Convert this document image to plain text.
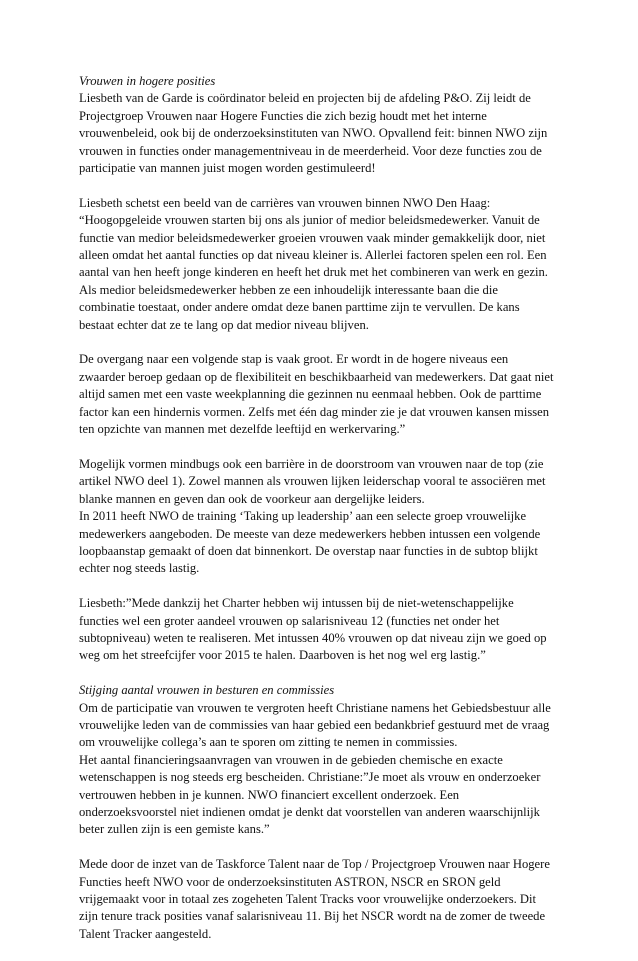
Vrouwen in hogere posities

Liesbeth van de Garde is coördinator beleid en projecten bij de afdeling P&O. Zij leidt de
Projectgroep Vrouwen naar Hogere Functies die zich bezig houdt met het interne
vrouwenbeleid, ook bij de onderzoeksinstituten van NWO. Opvallend feit: binnen NWO zijn
vrouwen in functies onder managementniveau in de meerderheid. Voor deze functies zou de
participatie van mannen juist mogen worden gestimuleerd!
Liesbeth schetst een beeld van de carrières van vrouwen binnen NWO Den Haag:
“Hoogopgeleide vrouwen starten bij ons als junior of medior beleidsmedewerker. Vanuit de
functie van medior beleidsmedewerker groeien vrouwen vaak minder gemakkelijk door, niet
alleen omdat het aantal functies op dat niveau kleiner is. Allerlei factoren spelen een rol. Een
aantal van hen heeft jonge kinderen en heeft het druk met het combineren van werk en gezin.
Als medior beleidsmedewerker hebben ze een inhoudelijk interessante baan die die
combinatie toestaat, onder andere omdat deze banen parttime zijn te vervullen. De kans
bestaat echter dat ze te lang op dat medior niveau blijven.
De overgang naar een volgende stap is vaak groot. Er wordt in de hogere niveaus een
zwaarder beroep gedaan op de flexibiliteit en beschikbaarheid van medewerkers. Dat gaat niet
altijd samen met een vaste weekplanning die gezinnen nu eenmaal hebben. Ook de parttime
factor kan een hindernis vormen. Zelfs met één dag minder zie je dat vrouwen kansen missen
ten opzichte van mannen met dezelfde leeftijd en werkervaring.”
Mogelijk vormen mindbugs ook een barrière in de doorstroom van vrouwen naar de top (zie
artikel NWO deel 1). Zowel mannen als vrouwen lijken leiderschap vooral te associëren met
blanke mannen en geven dan ook de voorkeur aan dergelijke leiders.
In 2011 heeft NWO de training ‘Taking up leadership’ aan een selecte groep vrouwelijke
medewerkers aangeboden. De meeste van deze medewerkers hebben intussen een volgende
loopbaanstap gemaakt of doen dat binnenkort. De overstap naar functies in de subtop blijkt
echter nog steeds lastig.
Liesbeth:”Mede dankzij het Charter hebben wij intussen bij de niet-wetenschappelijke
functies wel een groter aandeel vrouwen op salarisniveau 12 (functies net onder het
subtopniveau) weten te realiseren. Met intussen 40% vrouwen op dat niveau zijn we goed op
weg om het streefcijfer voor 2015 te halen. Daarboven is het nog wel erg lastig.”

Stijging aantal vrouwen in besturen en commissies

Om de participatie van vrouwen te vergroten heeft Christiane namens het Gebiedsbestuur alle
vrouwelijke leden van de commissies van haar gebied een bedankbrief gestuurd met de vraag
om vrouwelijke collega’s aan te sporen om zitting te nemen in commissies.
Het aantal financieringsaanvragen van vrouwen in de gebieden chemische en exacte
wetenschappen is nog steeds erg bescheiden. Christiane:”Je moet als vrouw en onderzoeker
vertrouwen hebben in je kunnen. NWO financiert excellent onderzoek. Een
onderzoeksvoorstel niet indienen omdat je denkt dat voorstellen van anderen waarschijnlijk
beter zullen zijn is een gemiste kans.”
Mede door de inzet van de Taskforce Talent naar de Top / Projectgroep Vrouwen naar Hogere
Functies heeft NWO voor de onderzoeksinstituten ASTRON, NSCR en SRON geld
vrijgemaakt voor in totaal zes zogeheten Talent Tracks voor vrouwelijke onderzoekers. Dit
zijn tenure track posities vanaf salarisniveau 11. Bij het NSCR wordt na de zomer de tweede
Talent Tracker aangesteld.
